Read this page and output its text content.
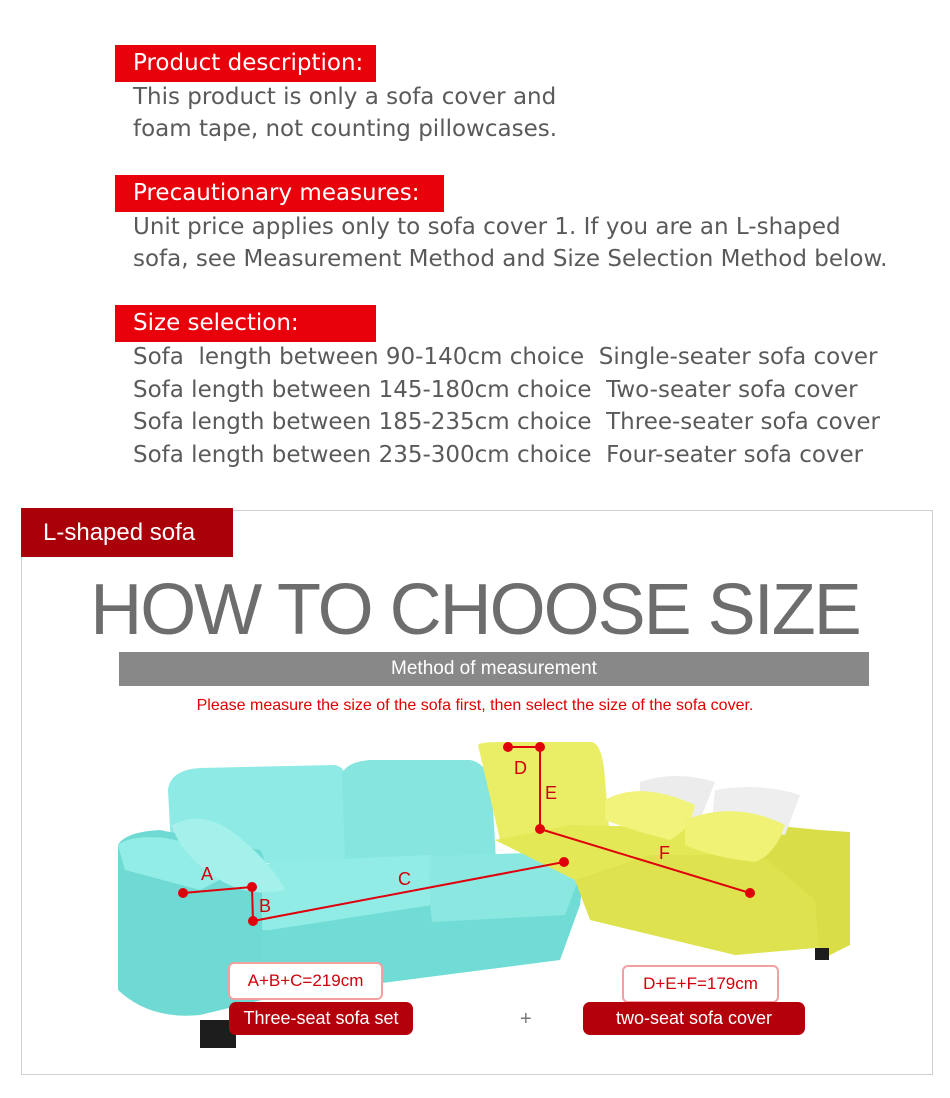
Product description:
This product is only a sofa cover and
foam tape, not counting pillowcases.
Precautionary measures:
Unit price applies only to sofa cover 1. If you are an L-shaped
sofa, see Measurement Method and Size Selection Method below.
Size selection:
Sofa  length between 90-140cm choice  Single-seater sofa cover
Sofa length between 145-180cm choice  Two-seater sofa cover
Sofa length between 185-235cm choice  Three-seater sofa cover
Sofa length between 235-300cm choice  Four-seater sofa cover
L-shaped sofa
HOW TO CHOOSE SIZE
Method of measurement
Please measure the size of the sofa first, then select the size of the sofa cover.
A
B
C
D
E
F
A+B+C=219cm	D+E+F=179cm
Three-seat sofa set	+	two-seat sofa cover
